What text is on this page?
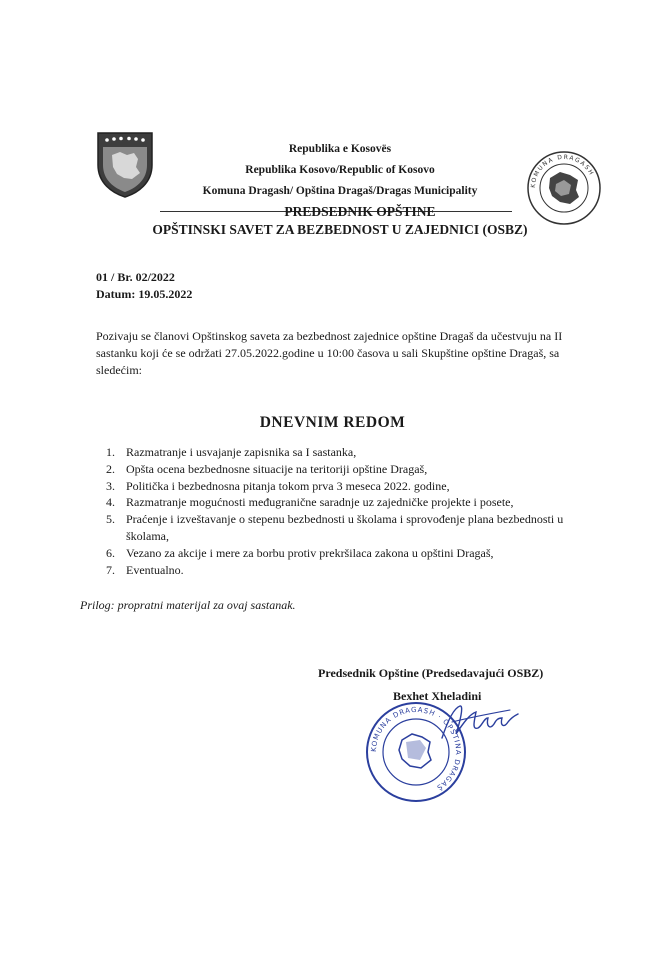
Republika e Kosovës
Republika Kosovo/Republic of Kosovo
Komuna Dragash/ Opština Dragaš/Dragas Municipality	KOMUNA DRAGASH
PREDSEDNIK OPŠTINE
OPŠTINSKI SAVET ZA BEZBEDNOST U ZAJEDNICI (OSBZ)
01 / Br. 02/2022
Datum: 19.05.2022
Pozivaju se članovi Opštinskog saveta za bezbednost zajednice opštine Dragaš da učestvuju na II sastanku koji će se održati 27.05.2022.godine u 10:00 časova u sali Skupštine opštine Dragaš, sa sledećim:
DNEVNIM REDOM
1. Razmatranje i usvajanje zapisnika sa I sastanka,
2. Opšta ocena bezbednosne situacije na teritoriji opštine Dragaš,
3. Politička i bezbednosna pitanja tokom prva 3 meseca 2022. godine,
4. Razmatranje mogućnosti međugranične saradnje uz zajedničke projekte i posete,
5. Praćenje i izveštavanje o stepenu bezbednosti u školama i sprovođenje plana bezbednosti u školama,
6. Vezano za akcije i mere za borbu protiv prekršilaca zakona u opštini Dragaš,
7. Eventualno.
Prilog: propratni materijal za ovaj sastanak.
Predsednik Opštine (Predsedavajući OSBZ)
Bexhet Xheladini
KOMUNA DRAGASH · OPŠTINA DRAGAŠ
